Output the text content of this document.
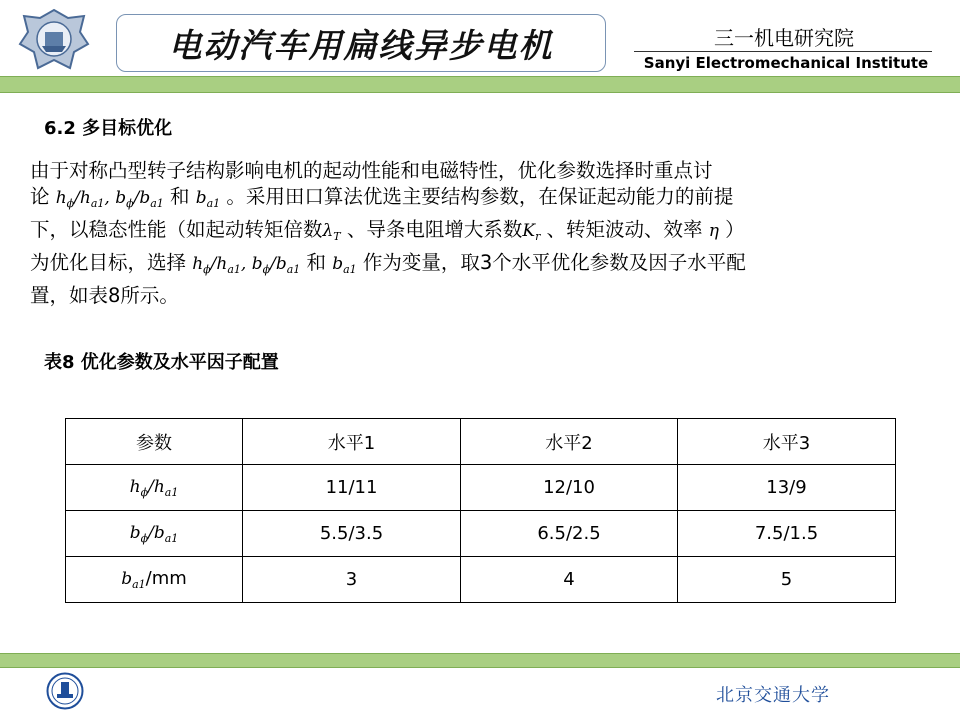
电动汽车用扁线异步电机	三一机电研究院
Sanyi Electromechanical Institute
6.2 多目标优化
由于对称凸型转子结构影响电机的起动性能和电磁特性，优化参数选择时重点讨
论 $h_\phi/h_{a1}$, $b_\phi/b_{a1}$ 和 $b_{a1}$ 。采用田口算法优选主要结构参数，在保证起动能力的前提
下，以稳态性能（如起动转矩倍数$\lambda_T$ 、导条电阻增大系数$K_r$ 、转矩波动、效率 η ）
为优化目标，选择 $h_\phi/h_{a1}$, $b_\phi/b_{a1}$ 和 $b_{a1}$ 作为变量，取3个水平优化参数及因子水平配
置，如表8所示。
表8 优化参数及水平因子配置
参数	水平1	水平2	水平3
$h_\phi/h_{a1}$	11/11	12/10	13/9
$b_\phi/b_{a1}$	5.5/3.5	6.5/2.5	7.5/1.5
$b_{a1}/mm$	3	4	5
北京交通大学
